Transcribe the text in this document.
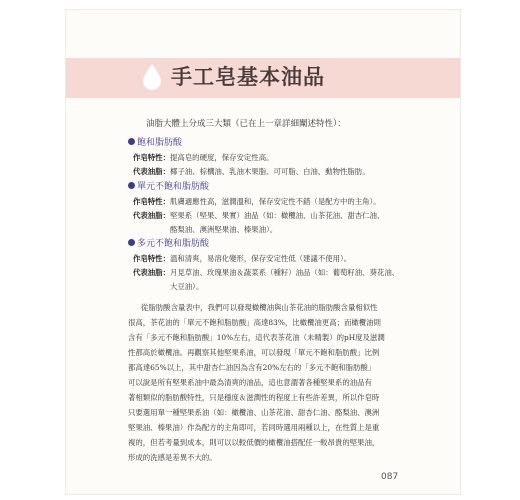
手工皂基本油品
油脂大體上分成三大類（已在上一章詳細闡述特性）：
飽和脂肪酸
作皂特性：提高皂的硬度，保存安定性高。
代表油脂：椰子油、棕櫚油、乳油木果脂、可可脂、白油、動物性脂肪。
單元不飽和脂肪酸
作皂特性：肌膚適應性高，滋潤溫和，保存安定性不錯（是配方中的主角）。
代表油脂：堅果系（堅果、果實）油品（如：橄欖油、山茶花油、甜杏仁油、
酪梨油、澳洲堅果油、榛果油）。
多元不飽和脂肪酸
作皂特性：溫和清爽，易溶化變形，保存安定性低（建議不使用）。
代表油脂：月見草油、玫瑰果油＆蔬菜系（種籽）油品（如：葡萄籽油、葵花油、
大豆油）。
從脂肪酸含量表中，我們可以發現橄欖油與山茶花油的脂肪酸含量相似性
很高，茶花油的「單元不飽和脂肪酸」高達83%，比橄欖油更高；而橄欖油則
含有「多元不飽和脂肪酸」10%左右，這代表茶花油（未精製）的pH度及滋潤
性都高於橄欖油。再觀察其他堅果系油，可以發現「單元不飽和脂肪酸」比例
都高達65%以上，其中甜杏仁油因為含有20%左右的「多元不飽和脂肪酸」
可以說是所有堅果系油中最為清爽的油品，這也意謂著各種堅果系的油品有
著相類似的脂肪酸特性，只是穩度＆滋潤性的程度上有些許差異，所以作皂時
只要選用單一種堅果系油（如：橄欖油、山茶花油、甜杏仁油、酪梨油、澳洲
堅果油、榛果油）作為配方的主角即可，若同時選用兩種以上，在性質上是重
複的，但若考量到成本，則可以以較低價的橄欖油搭配任一較昂貴的堅果油，
形成的洗感是差異不大的。
087
